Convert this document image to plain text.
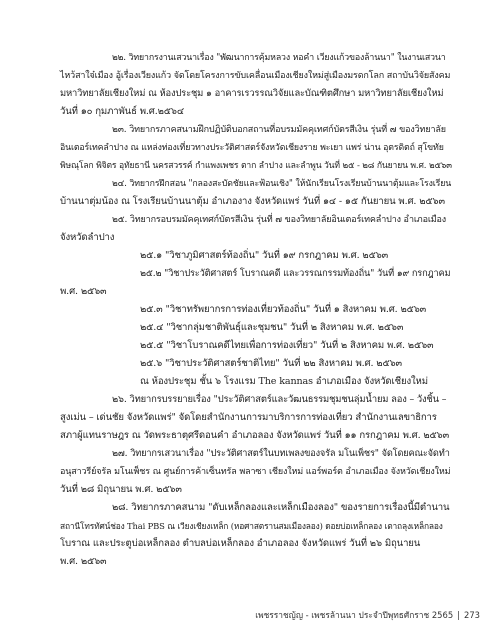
๒๒. วิทยากรงานเสวนาเรื่อง "พัฒนาการคุ้มหลวง หอคำ เวียงแก้วของล้านนา" ในงานเสวนา
ไหว้สาใจ๋เมือง อู้เรื่องเวียงแก้ว จัดโดยโครงการขับเคลื่อนเมืองเชียงใหม่สู่เมืองมรดกโลก สถาบันวิจัยสังคม
มหาวิทยาลัยเชียงใหม่ ณ ห้องประชุม ๑ อาคารเรวรรณวิจัยและบัณฑิตศึกษา มหาวิทยาลัยเชียงใหม่
วันที่ ๑๐ กุมภาพันธ์ พ.ศ.๒๕๖๔
๒๓. วิทยากรภาคสนามฝึกปฏิบัติบอกสถานที่อบรมมัคคุเทศก์บัตรสีเงิน รุ่นที่ ๗ ของวิทยาลัย
อินเตอร์เทคลำปาง ณ แหล่งท่องเที่ยวทางประวัติศาสตร์จังหวัดเชียงราย พะเยา แพร่ น่าน อุตรดิตถ์ สุโขทัย
พิษณุโลก พิจิตร อุทัยธานี นครสวรรค์ กำแพงเพชร ตาก ลำปาง และลำพูน วันที่ ๒๕ - ๒๘ กันยายน พ.ศ. ๒๕๖๓
๒๔. วิทยากรฝึกสอน "กลองสะบัดชัยและฟ้อนเชิง" ให้นักเรียนโรงเรียนบ้านนาตุ้มและโรงเรียน
บ้านนาตุ่มน้อง ณ โรงเรียนบ้านนาตุ้ม อำเภองาง จังหวัดแพร่ วันที่ ๑๔ - ๑๕ กันยายน พ.ศ. ๒๕๖๓
๒๕. วิทยากรอบรมมัคคุเทศก์บัตรสีเงิน รุ่นที่ ๗ ของวิทยาลัยอินเตอร์เทคลำปาง อำเภอเมือง
จังหวัดลำปาง
๒๕.๑ "วิชาภูมิศาสตร์ท้องถิ่น" วันที่ ๑๙ กรกฎาคม พ.ศ. ๒๕๖๓
๒๕.๒ "วิชาประวัติศาสตร์ โบราณคดี และวรรณกรรมท้องถิ่น" วันที่ ๑๙ กรกฎาคม
พ.ศ. ๒๕๖๓
๒๕.๓ "วิชาทรัพยากรการท่องเที่ยวท้องถิ่น" วันที่ ๑ สิงหาคม พ.ศ. ๒๕๖๓
๒๕.๔ "วิชากลุ่มชาติพันธุ์และชุมชน" วันที่ ๒ สิงหาคม พ.ศ. ๒๕๖๓
๒๕.๕ "วิชาโบราณคดีไทยเพื่อการท่องเที่ยว" วันที่ ๒ สิงหาคม พ.ศ. ๒๕๖๓
๒๕.๖ "วิชาประวัติศาสตร์ชาติไทย" วันที่ ๒๒ สิงหาคม พ.ศ. ๒๕๖๓
ณ ห้องประชุม ชั้น ๖ โรงแรม The kannas อำเภอเมือง จังหวัดเชียงใหม่
๒๖. วิทยากรบรรยายเรื่อง "ประวัติศาสตร์และวัฒนธรรมชุมชนลุ่มน้ำยม ลอง – วังชิ้น –
สูงเม่น – เด่นชัย จังหวัดแพร่" จัดโดยสำนักงานการมาบริการการท่องเที่ยว สำนักงานเลขาธิการ
สภาผู้แทนราษฎร ณ วัดพระธาตุศรีดอนคำ อำเภอลอง จังหวัดแพร่ วันที่ ๑๑ กรกฎาคม พ.ศ. ๒๕๖๓
๒๗. วิทยากรเสวนาเรื่อง "ประวัติศาสตร์ในบทเพลงของจรัล มโนเพ็ชร" จัดโดยคณะจัดทำ
อนุสาวรีย์จรัล มโนเพ็ชร ณ ศูนย์การค้าเซ็นทรัล พลาซา เชียงใหม่ แอร์พอร์ต อำเภอเมือง จังหวัดเชียงใหม่
วันที่ ๒๘ มิถุนายน พ.ศ. ๒๕๖๓
๒๘. วิทยากรภาคสนาม "ดับเหล็กลองและเหล็กเมืองลอง" ของรายการเรื่องนี้มีตำนาน
สถานีโทรทัศน์ช่อง Thai PBS ณ เวียงเชียงเหล็ก (หอศาสตรานสมเมืองลอง) ดอยบ่อเหล็กลอง เตาถลุงเหล็กลอง
โบราณ และประตูบ่อเหล็กลอง ตำบลบ่อเหล็กลอง อำเภอลอง จังหวัดแพร่ วันที่ ๒๖ มิถุนายน
พ.ศ. ๒๕๖๓
เพชรราชญ้ญ - เพชรล้านนา ประจำปีพุทธศักราช 2565 | 273
